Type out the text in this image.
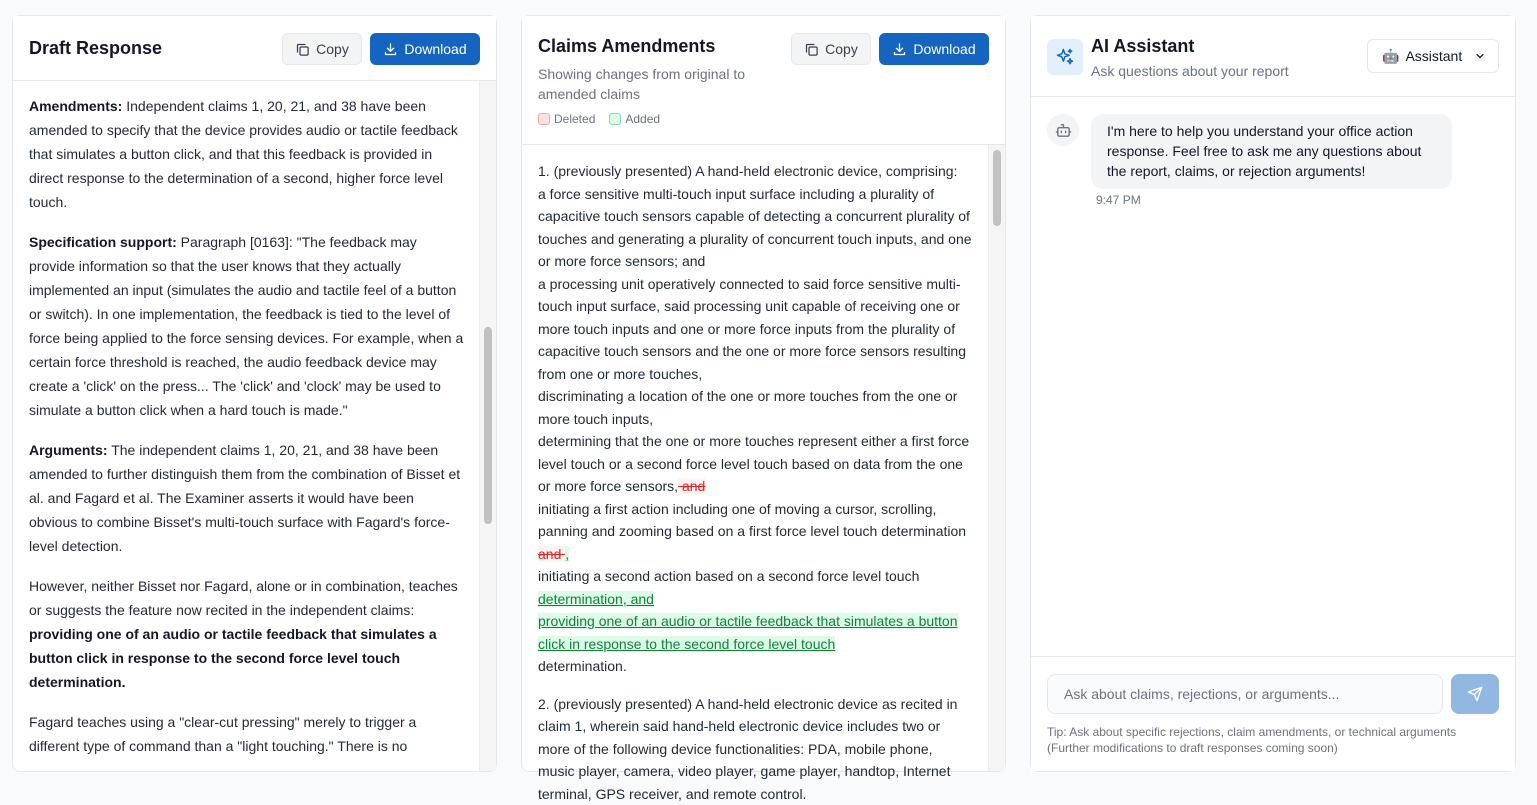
Draft Response	Copy	Download

Amendments: Independent claims 1, 20, 21, and 38 have been amended to specify that the device provides audio or tactile feedback that simulates a button click, and that this feedback is provided in direct response to the determination of a second, higher force level touch.

Specification support: Paragraph [0163]: "The feedback may provide information so that the user knows that they actually implemented an input (simulates the audio and tactile feel of a button or switch). In one implementation, the feedback is tied to the level of force being applied to the force sensing devices. For example, when a certain force threshold is reached, the audio feedback device may create a 'click' on the press... The 'click' and 'clock' may be used to simulate a button click when a hard touch is made."

Arguments: The independent claims 1, 20, 21, and 38 have been amended to further distinguish them from the combination of Bisset et al. and Fagard et al. The Examiner asserts it would have been obvious to combine Bisset's multi-touch surface with Fagard's force-level detection.

However, neither Bisset nor Fagard, alone or in combination, teaches or suggests the feature now recited in the independent claims: providing one of an audio or tactile feedback that simulates a button click in response to the second force level touch determination.

Fagard teaches using a "clear-cut pressing" merely to trigger a different type of command than a "light touching." There is no

Claims Amendments
Showing changes from original to amended claims
Deleted	Added
Copy	Download

1. (previously presented) A hand-held electronic device, comprising:
a force sensitive multi-touch input surface including a plurality of capacitive touch sensors capable of detecting a concurrent plurality of touches and generating a plurality of concurrent touch inputs, and one or more force sensors; and
a processing unit operatively connected to said force sensitive multi-touch input surface, said processing unit capable of receiving one or more touch inputs and one or more force inputs from the plurality of capacitive touch sensors and the one or more force sensors resulting from one or more touches,
discriminating a location of the one or more touches from the one or more touch inputs,
determining that the one or more touches represent either a first force level touch or a second force level touch based on data from the one or more force sensors, and
initiating a first action including one of moving a cursor, scrolling, panning and zooming based on a first force level touch determination and ,
initiating a second action based on a second force level touch
determination, and
providing one of an audio or tactile feedback that simulates a button click in response to the second force level touch
determination.

2. (previously presented) A hand-held electronic device as recited in claim 1, wherein said hand-held electronic device includes two or more of the following device functionalities: PDA, mobile phone, music player, camera, video player, game player, handtop, Internet terminal, GPS receiver, and remote control.

AI Assistant
Ask questions about your report
🤖 Assistant
I'm here to help you understand your office action response. Feel free to ask me any questions about the report, claims, or rejection arguments!
9:47 PM
Ask about claims, rejections, or arguments...
Tip: Ask about specific rejections, claim amendments, or technical arguments (Further modifications to draft responses coming soon)
